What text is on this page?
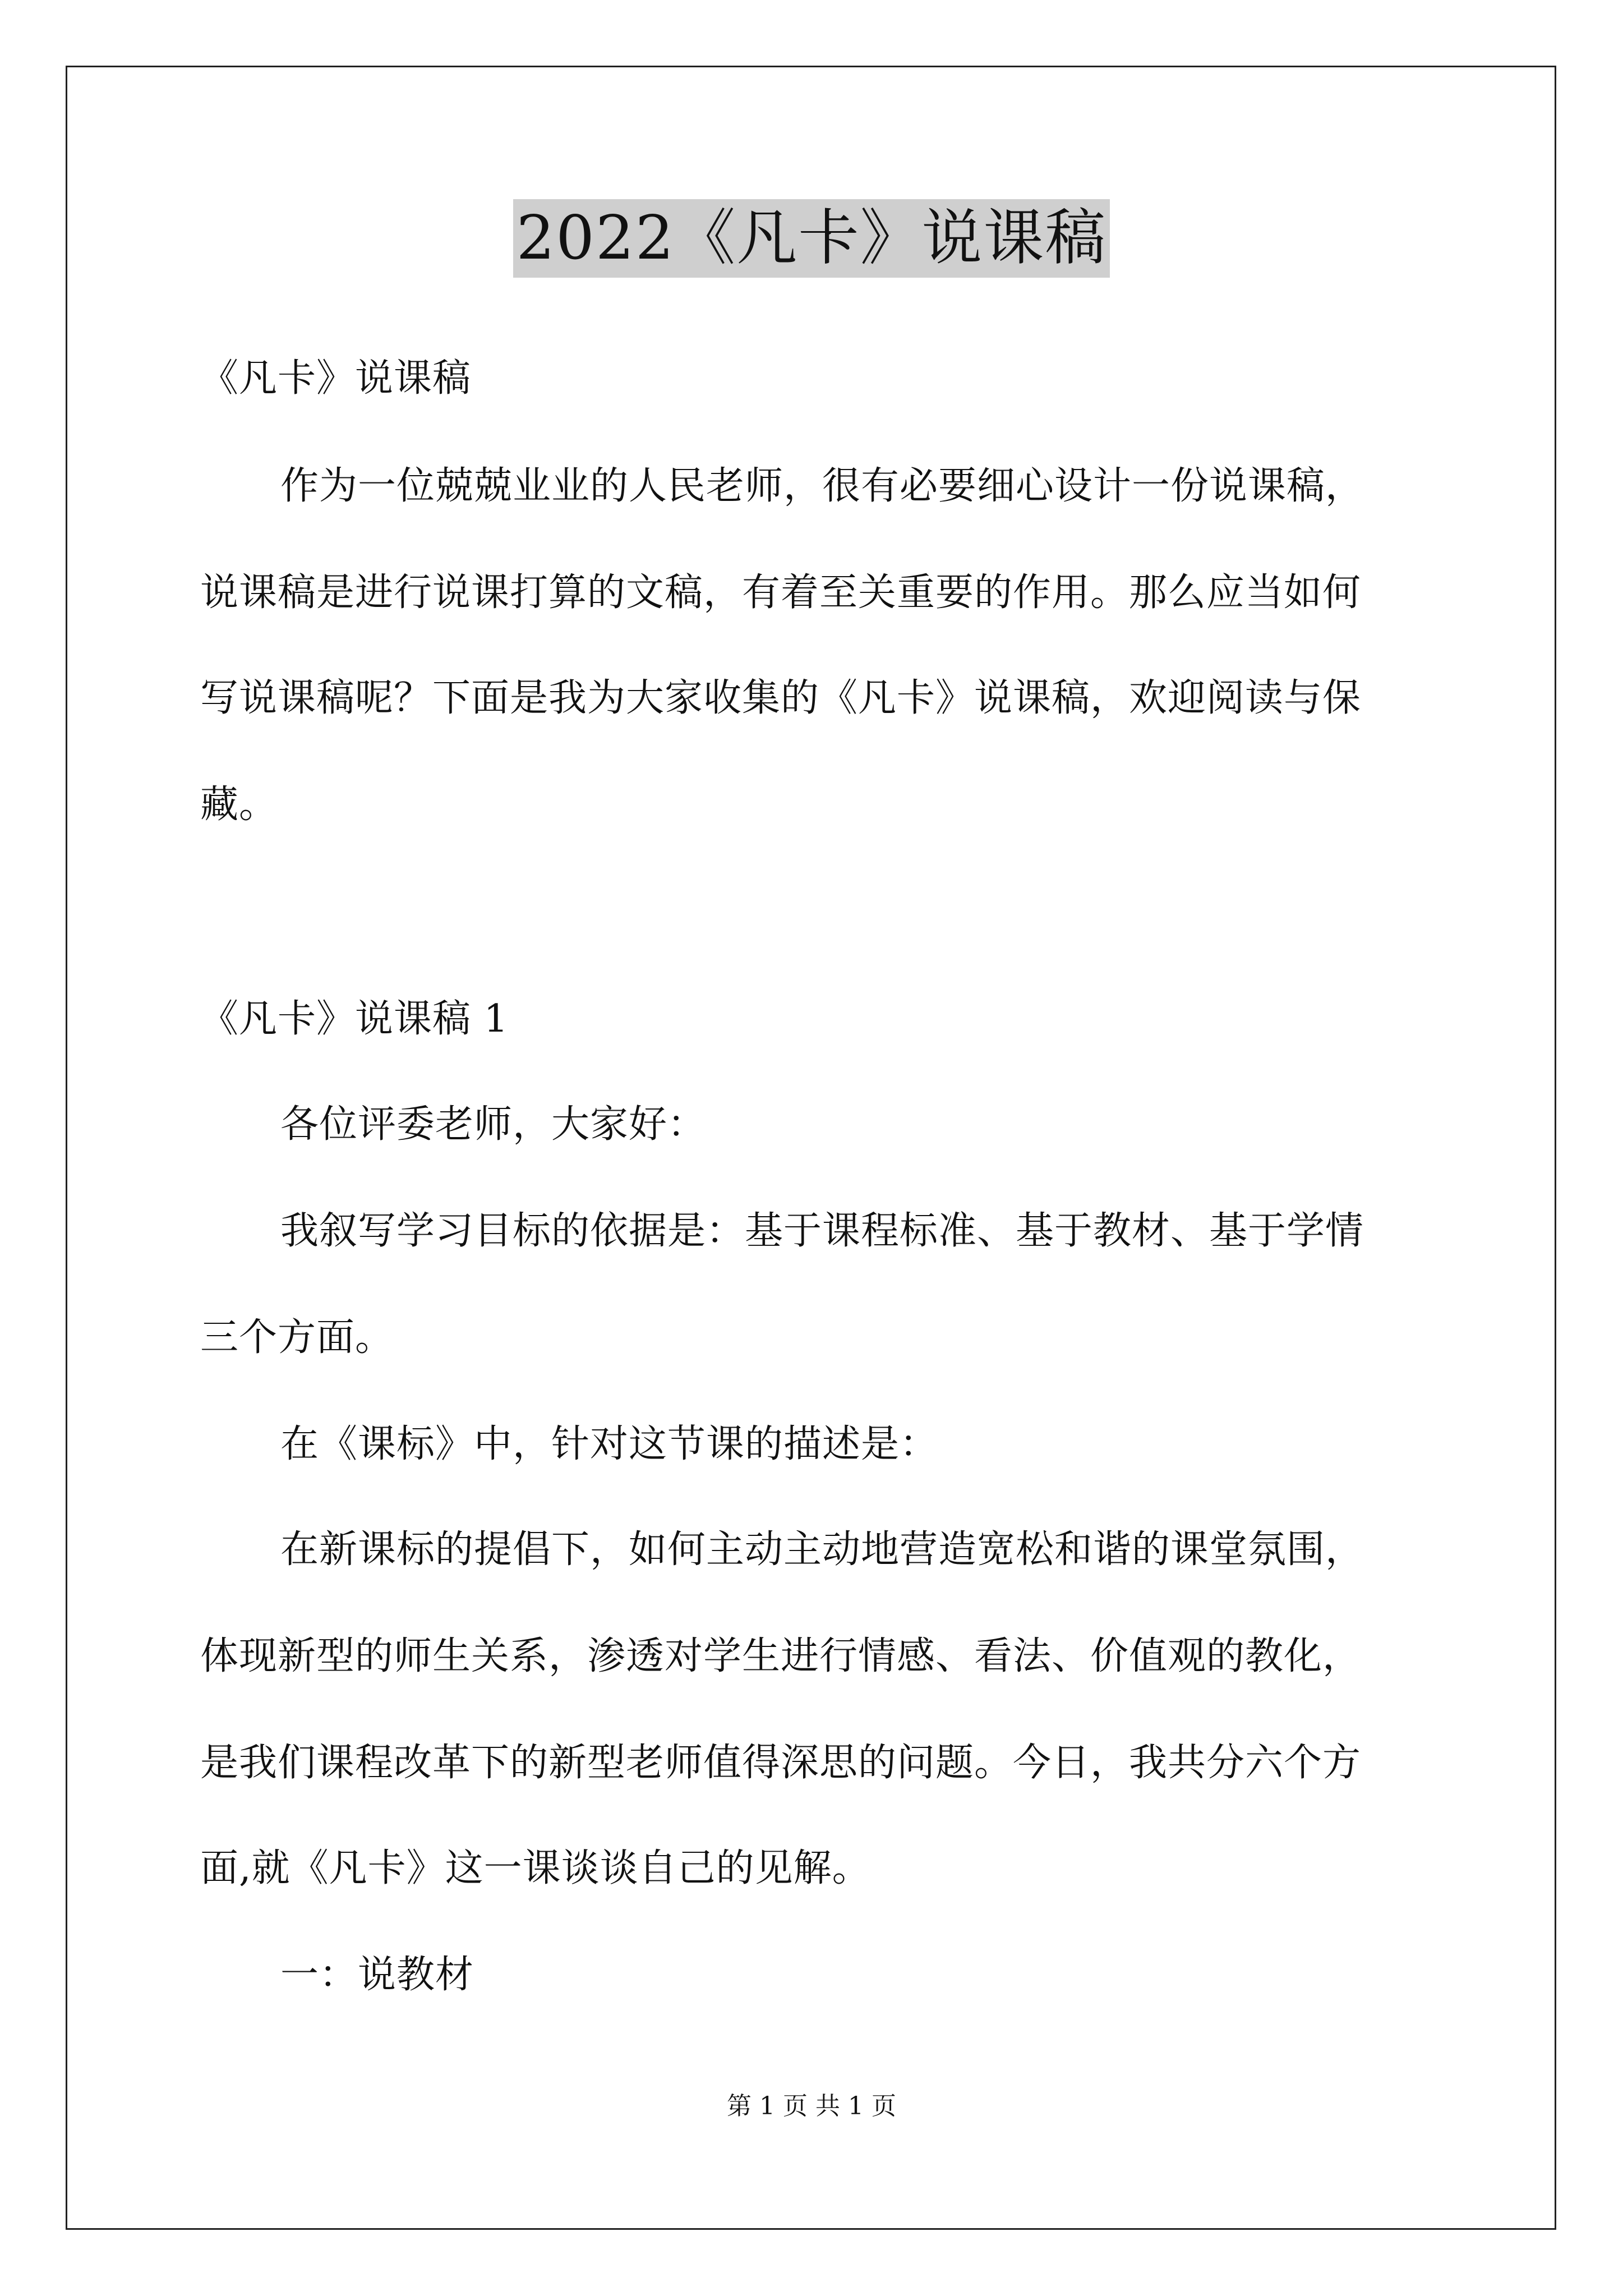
2022《凡卡》说课稿
《凡卡》说课稿
作为一位兢兢业业的人民老师，很有必要细心设计一份说课稿，
说课稿是进行说课打算的文稿，有着至关重要的作用。那么应当如何
写说课稿呢？下面是我为大家收集的《凡卡》说课稿，欢迎阅读与保
藏。
《凡卡》说课稿 1
各位评委老师，大家好：
我叙写学习目标的依据是：基于课程标准、基于教材、基于学情
三个方面。
在《课标》中，针对这节课的描述是：
在新课标的提倡下，如何主动主动地营造宽松和谐的课堂氛围，
体现新型的师生关系，渗透对学生进行情感、看法、价值观的教化，
是我们课程改革下的新型老师值得深思的问题。今日，我共分六个方
面,就《凡卡》这一课谈谈自己的见解。
一：说教材
第 1 页 共 1 页
